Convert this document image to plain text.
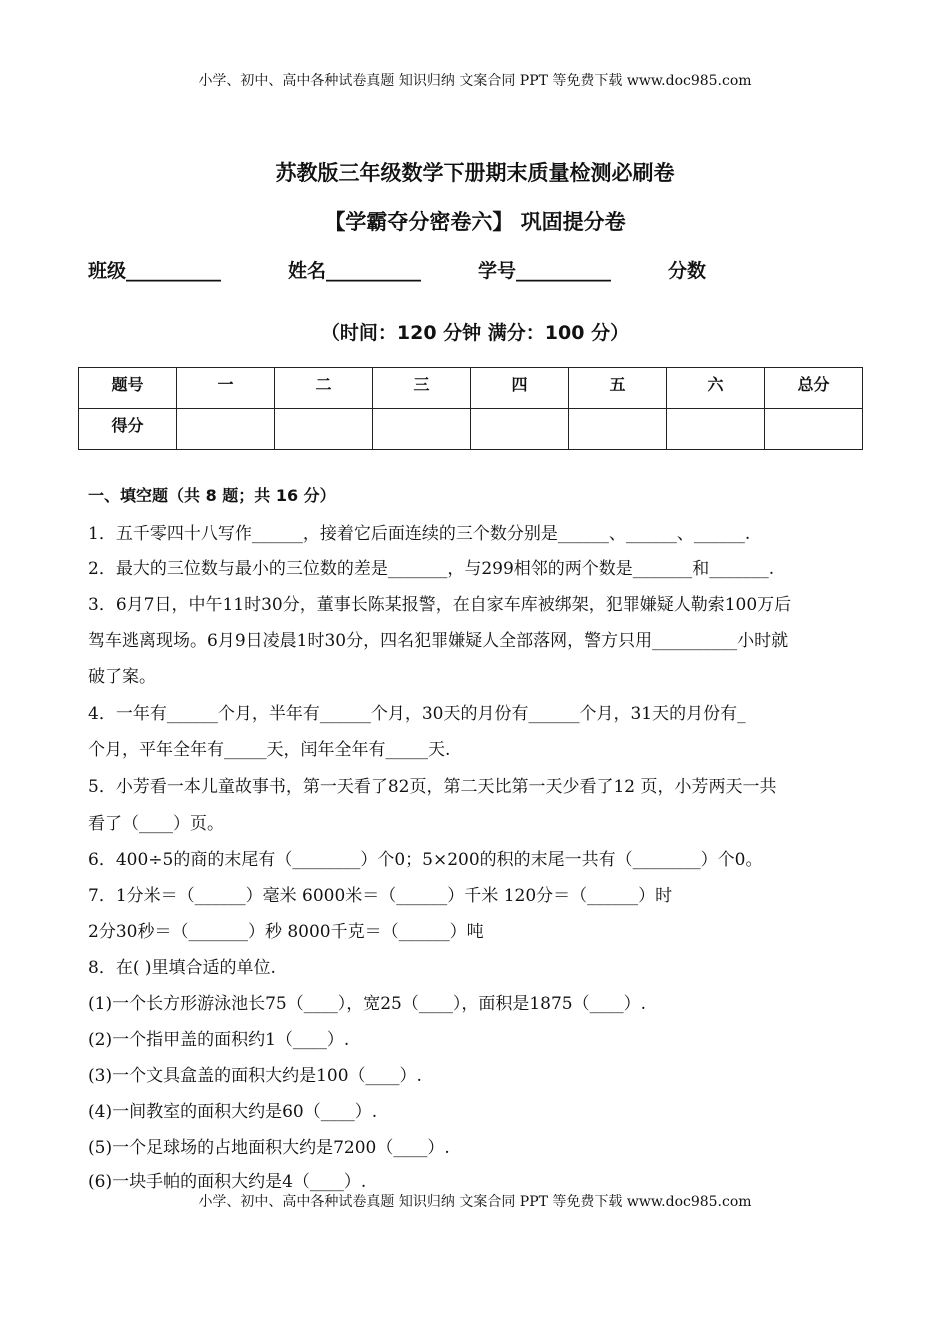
小学、初中、高中各种试卷真题 知识归纳 文案合同 PPT 等免费下载 www.doc985.com
苏教版三年级数学下册期末质量检测必刷卷
【学霸夺分密卷六】 巩固提分卷
班级__________	姓名__________	学号__________	分数
（时间：120 分钟 满分：100 分）
题号	一	二	三	四	五	六	总分
得分							
一、填空题（共 8 题；共 16 分）
1．五千零四十八写作______，接着它后面连续的三个数分别是______、______、______.
2．最大的三位数与最小的三位数的差是_______，与299相邻的两个数是_______和_______.
3．6月7日，中午11时30分，董事长陈某报警，在自家车库被绑架，犯罪嫌疑人勒索100万后
驾车逃离现场。6月9日凌晨1时30分，四名犯罪嫌疑人全部落网，警方只用__________小时就
破了案。
4．一年有______个月，半年有______个月，30天的月份有______个月，31天的月份有_
个月，平年全年有_____天，闰年全年有_____天.
5．小芳看一本儿童故事书，第一天看了82页，第二天比第一天少看了12 页，小芳两天一共
看了（____）页。
6．400÷5的商的末尾有（________）个0；5×200的积的末尾一共有（________）个0。
7．1分米＝（______）毫米 6000米＝（______）千米 120分＝（______）时
2分30秒＝（_______）秒 8000千克＝（______）吨
8．在( )里填合适的单位.
(1)一个长方形游泳池长75（____），宽25（____），面积是1875（____）.
(2)一个指甲盖的面积约1（____）.
(3)一个文具盒盖的面积大约是100（____）.
(4)一间教室的面积大约是60（____）.
(5)一个足球场的占地面积大约是7200（____）.
(6)一块手帕的面积大约是4（____）.
小学、初中、高中各种试卷真题 知识归纳 文案合同 PPT 等免费下载 www.doc985.com
